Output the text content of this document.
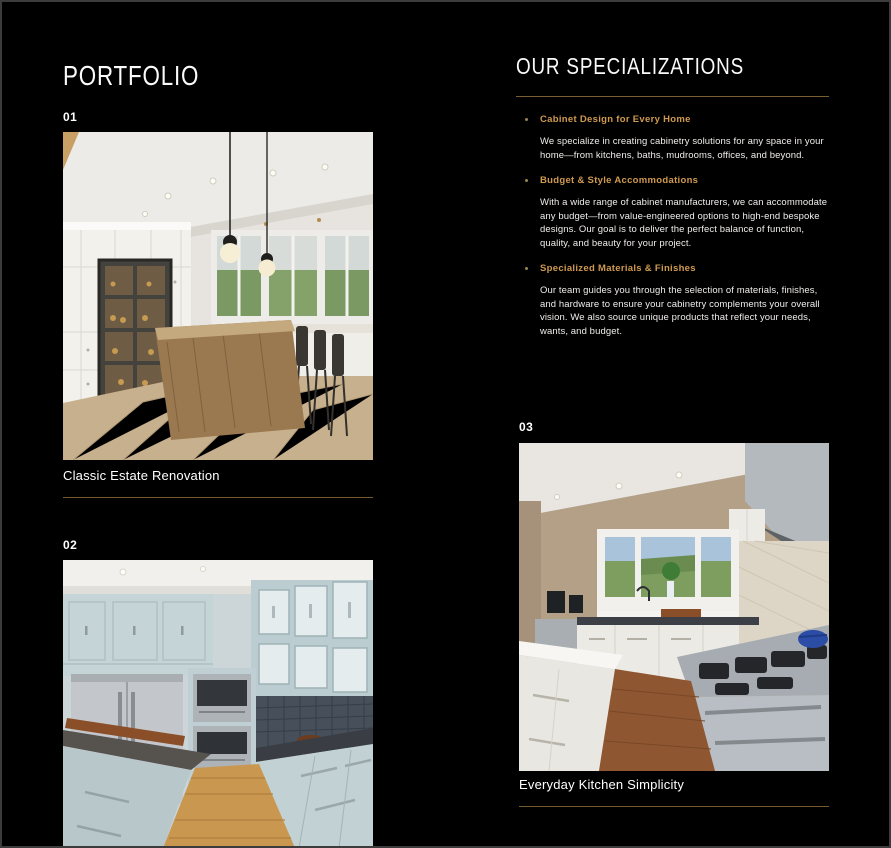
PORTFOLIO
01
Classic Estate Renovation
02
OUR SPECIALIZATIONS
Cabinet Design for Every Home

We specialize in creating cabinetry solutions for any space in your home—from kitchens, baths, mudrooms, offices, and beyond.

Budget & Style Accommodations

With a wide range of cabinet manufacturers, we can accommodate any budget—from value-engineered options to high-end bespoke designs. Our goal is to deliver the perfect balance of function, quality, and beauty for your project.

Specialized Materials & Finishes

Our team guides you through the selection of materials, finishes, and hardware to ensure your cabinetry complements your overall vision. We also source unique products that reflect your needs, wants, and budget.

03
Everyday Kitchen Simplicity
